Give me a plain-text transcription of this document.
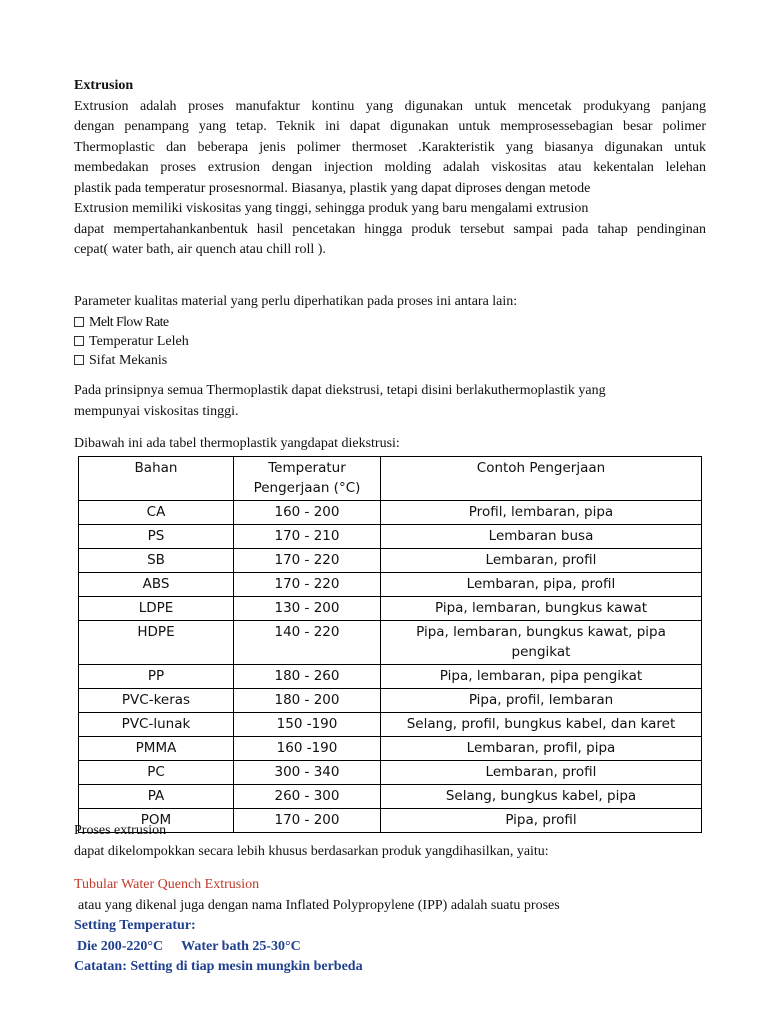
Extrusion
Extrusion adalah proses manufaktur kontinu yang digunakan untuk mencetak produkyang panjang
dengan penampang yang tetap. Teknik ini dapat digunakan untuk memprosessebagian besar polimer
Thermoplastic dan beberapa jenis polimer thermoset .Karakteristik yang biasanya digunakan untuk
membedakan proses extrusion dengan injection molding adalah viskositas atau kekentalan lelehan
plastik pada temperatur prosesnormal. Biasanya, plastik yang dapat diproses dengan metode
Extrusion memiliki viskositas yang tinggi, sehingga produk yang baru mengalami extrusion
dapat mempertahankanbentuk hasil pencetakan hingga produk tersebut sampai pada tahap pendinginan
cepat( water bath, air quench atau chill roll ).
Parameter kualitas material yang perlu diperhatikan pada proses ini antara lain:
Melt Flow Rate
Temperatur Leleh
Sifat Mekanis
Pada prinsipnya semua Thermoplastik dapat diekstrusi, tetapi disini berlakuthermoplastik yang
mempunyai viskositas tinggi.
Dibawah ini ada tabel thermoplastik yangdapat diekstrusi:
Bahan	Temperatur Pengerjaan (°C)	Contoh Pengerjaan
CA	160 - 200	Profil, lembaran, pipa
PS	170 - 210	Lembaran busa
SB	170 - 220	Lembaran, profil
ABS	170 - 220	Lembaran, pipa, profil
LDPE	130 - 200	Pipa, lembaran, bungkus kawat
HDPE	140 - 220	Pipa, lembaran, bungkus kawat, pipa pengikat
PP	180 - 260	Pipa, lembaran, pipa pengikat
PVC-keras	180 - 200	Pipa, profil, lembaran
PVC-lunak	150 -190	Selang, profil, bungkus kabel, dan karet
PMMA	160 -190	Lembaran, profil, pipa
PC	300 - 340	Lembaran, profil
PA	260 - 300	Selang, bungkus kabel, pipa
POM	170 - 200	Pipa, profil
Proses extrusion
dapat dikelompokkan secara lebih khusus berdasarkan produk yangdihasilkan, yaitu:
Tubular Water Quench Extrusion
atau yang dikenal juga dengan nama Inflated Polypropylene (IPP) adalah suatu proses
Setting Temperatur:
Die 200-220°C Water bath 25-30°C
Catatan: Setting di tiap mesin mungkin berbeda
